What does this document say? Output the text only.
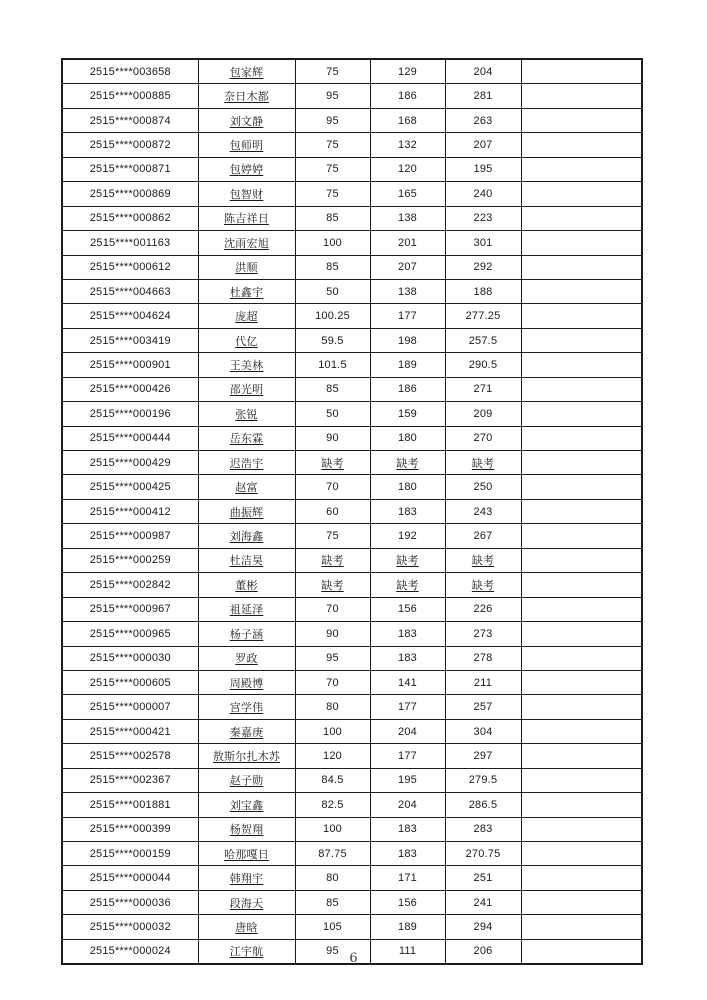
2515****003658	包家辉	75	129	204	
2515****000885	奈日木都	95	186	281	
2515****000874	刘文静	95	168	263	
2515****000872	包师明	75	132	207	
2515****000871	包婷婷	75	120	195	
2515****000869	包智财	75	165	240	
2515****000862	陈吉祥日	85	138	223	
2515****001163	沈雨宏旭	100	201	301	
2515****000612	洪顺	85	207	292	
2515****004663	杜鑫宇	50	138	188	
2515****004624	庞超	100.25	177	277.25	
2515****003419	代亿	59.5	198	257.5	
2515****000901	王美林	101.5	189	290.5	
2515****000426	邵光明	85	186	271	
2515****000196	张锐	50	159	209	
2515****000444	岳东霖	90	180	270	
2515****000429	迟浩宇	缺考	缺考	缺考	
2515****000425	赵富	70	180	250	
2515****000412	曲振辉	60	183	243	
2515****000987	刘海鑫	75	192	267	
2515****000259	杜洁昊	缺考	缺考	缺考	
2515****002842	董彬	缺考	缺考	缺考	
2515****000967	祖延泽	70	156	226	
2515****000965	杨子涵	90	183	273	
2515****000030	罗政	95	183	278	
2515****000605	周殿博	70	141	211	
2515****000007	宫学伟	80	177	257	
2515****000421	秦嘉庚	100	204	304	
2515****002578	敖斯尔扎木苏	120	177	297	
2515****002367	赵子勋	84.5	195	279.5	
2515****001881	刘宝鑫	82.5	204	286.5	
2515****000399	杨贺翔	100	183	283	
2515****000159	哈那嘎日	87.75	183	270.75	
2515****000044	韩翔宇	80	171	251	
2515****000036	段海天	85	156	241	
2515****000032	唐晗	105	189	294	
2515****000024	江宇航	95	111	206	
6
